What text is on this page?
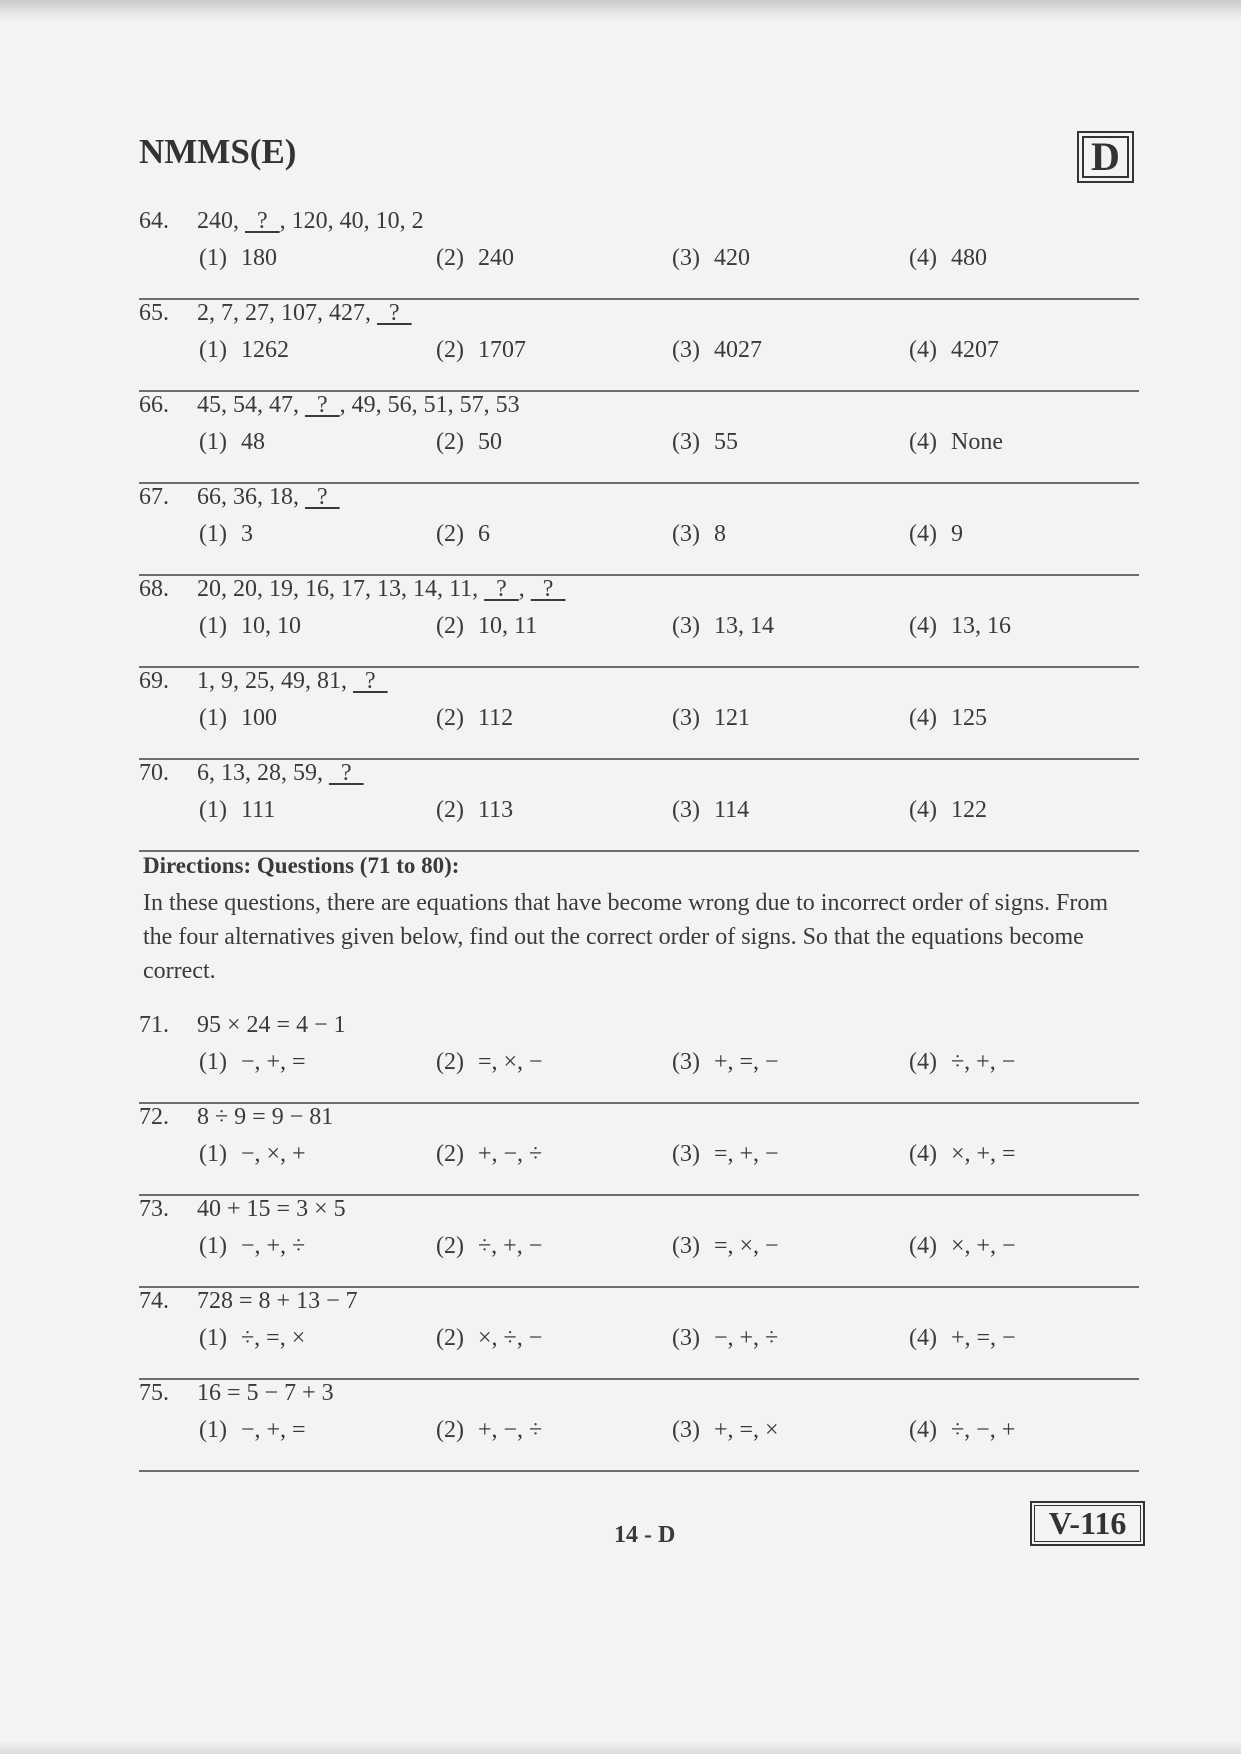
NMMS(E)	D
64. 240,   ?  , 120, 40, 10, 2
(1) 180	(2) 240	(3) 420	(4) 480
65. 2, 7, 27, 107, 427,   ?
(1) 1262	(2) 1707	(3) 4027	(4) 4207
66. 45, 54, 47,   ?  , 49, 56, 51, 57, 53
(1) 48	(2) 50	(3) 55	(4) None
67. 66, 36, 18,   ?
(1) 3	(2) 6	(3) 8	(4) 9
68. 20, 20, 19, 16, 17, 13, 14, 11,   ?  ,   ?
(1) 10, 10	(2) 10, 11	(3) 13, 14	(4) 13, 16
69. 1, 9, 25, 49, 81,   ?
(1) 100	(2) 112	(3) 121	(4) 125
70. 6, 13, 28, 59,   ?
(1) 111	(2) 113	(3) 114	(4) 122
Directions: Questions (71 to 80):
In these questions, there are equations that have become wrong due to incorrect order of signs. From the four alternatives given below, find out the correct order of signs. So that the equations become correct.
71. 95 × 24 = 4 − 1
(1) −, +, =	(2) =, ×, −	(3) +, =, −	(4) ÷, +, −
72. 8 ÷ 9 = 9 − 81
(1) −, ×, +	(2) +, −, ÷	(3) =, +, −	(4) ×, +, =
73. 40 + 15 = 3 × 5
(1) −, +, ÷	(2) ÷, +, −	(3) =, ×, −	(4) ×, +, −
74. 728 = 8 + 13 − 7
(1) ÷, =, ×	(2) ×, ÷, −	(3) −, +, ÷	(4) +, =, −
75. 16 = 5 − 7 + 3
(1) −, +, =	(2) +, −, ÷	(3) +, =, ×	(4) ÷, −, +
14 - D	V-116
